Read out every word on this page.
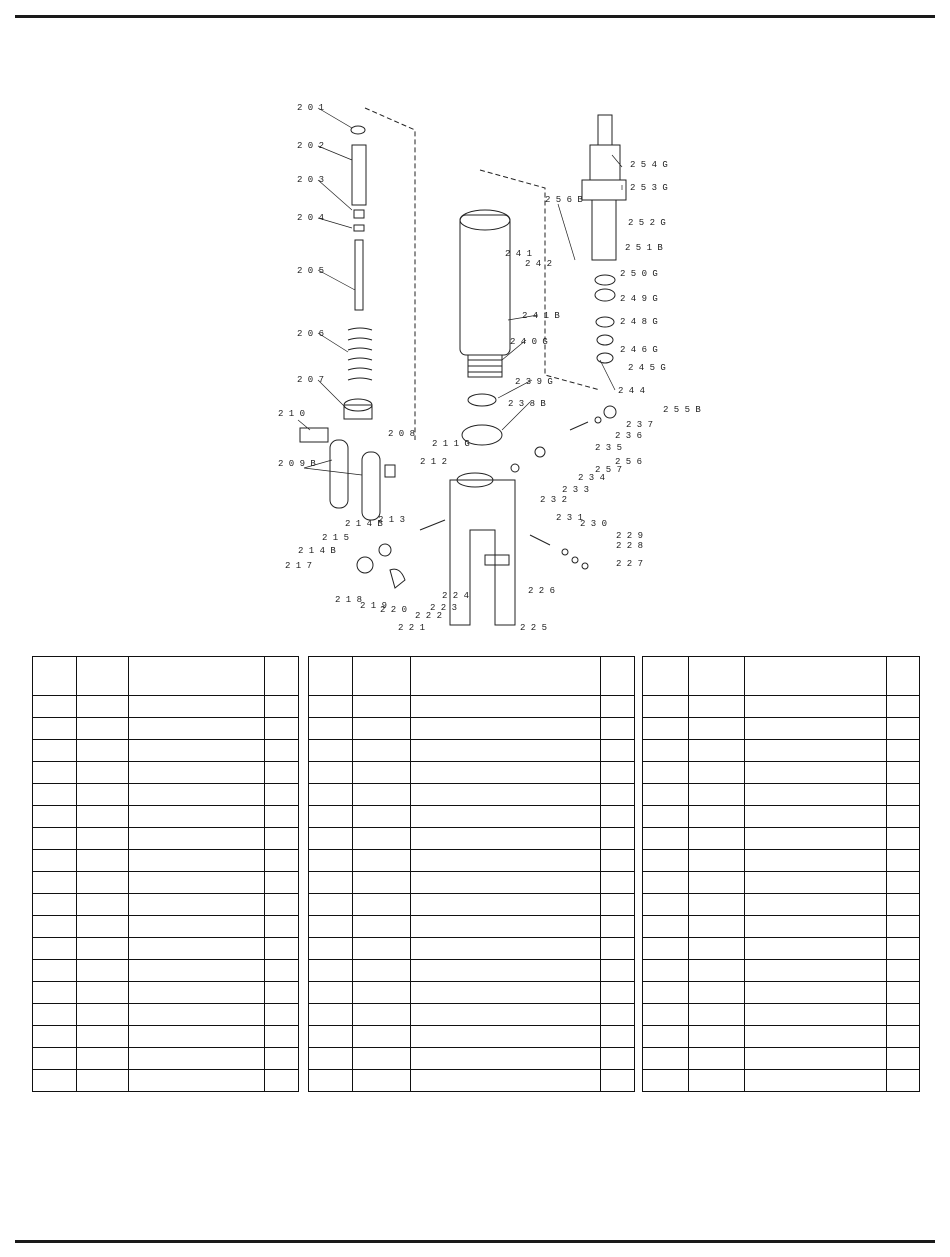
2 0 1
2 0 2
2 0 3
2 0 4
2 0 5
2 0 6
2 0 7
2 1 0
2 0 8
2 0 9 B
2 1 1 G
2 1 2
2 1 3
2 1 4 B
2 1 5
2 1 4 B
2 1 7
2 1 8
2 1 9
2 2 0
2 2 1
2 2 2
2 2 3
2 2 4
2 2 5
2 2 6
2 2 7
2 2 8
2 2 9
2 3 0
2 3 1
2 3 2
2 3 3
2 3 4
2 3 5
2 3 6
2 3 7
2 5 7
2 5 6
2 3 8 B
2 3 9 G
2 4 0 G
2 4 1 B
2 4 1
2 4 2
2 4 4
2 4 5 G
2 4 6 G
2 4 8 G
2 4 9 G
2 5 0 G
2 5 1 B
2 5 2 G
2 5 3 G
2 5 4 G
2 5 5 B
2 5 6 B
